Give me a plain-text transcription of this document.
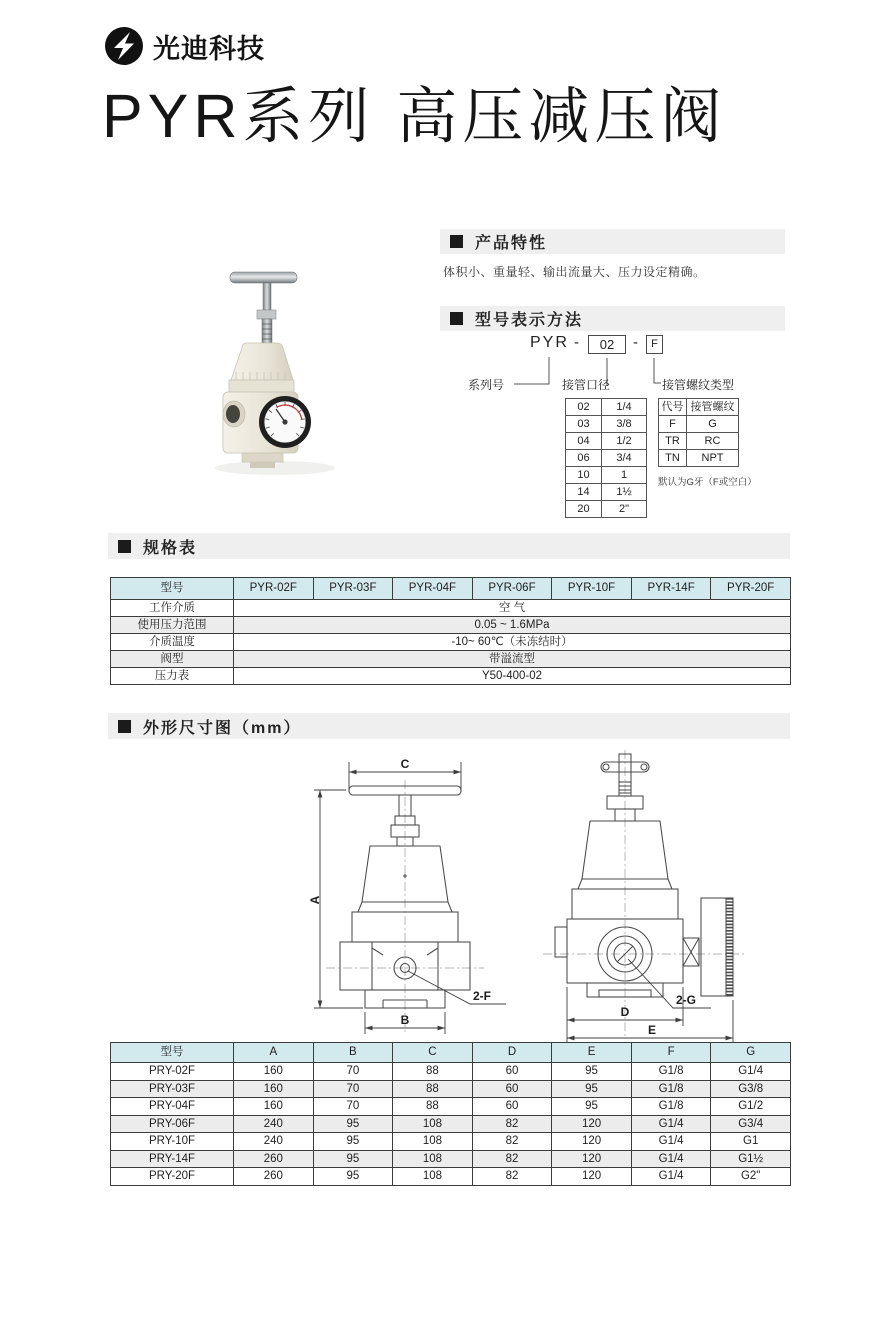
光迪科技
PYR系列 高压减压阀
产品特性
体积小、重量轻、输出流量大、压力设定精确。
型号表示方法
PYR -	02	-	F
系列号	接管口径	接管螺纹类型
02	1/4
03	3/8
04	1/2
06	3/4
10	1
14	1½
20	2"
代号	接管螺纹
F	G
TR	RC
TN	NPT
默认为G牙（F或空白）
规格表
型号	PYR-02F	PYR-03F	PYR-04F	PYR-06F	PYR-10F	PYR-14F	PYR-20F
工作介质	空 气						
使用压力范围	0.05 ~ 1.6MPa						
介质温度	-10~ 60℃（未冻结时）						
阀型	带溢流型						
压力表	Y50-400-02						
外形尺寸图（mm）
C
B
A
2-F
D
E
2-G
型号	A	B	C	D	E	F	G
PRY-02F	160	70	88	60	95	G1/8	G1/4
PRY-03F	160	70	88	60	95	G1/8	G3/8
PRY-04F	160	70	88	60	95	G1/8	G1/2
PRY-06F	240	95	108	82	120	G1/4	G3/4
PRY-10F	240	95	108	82	120	G1/4	G1
PRY-14F	260	95	108	82	120	G1/4	G1½
PRY-20F	260	95	108	82	120	G1/4	G2"
